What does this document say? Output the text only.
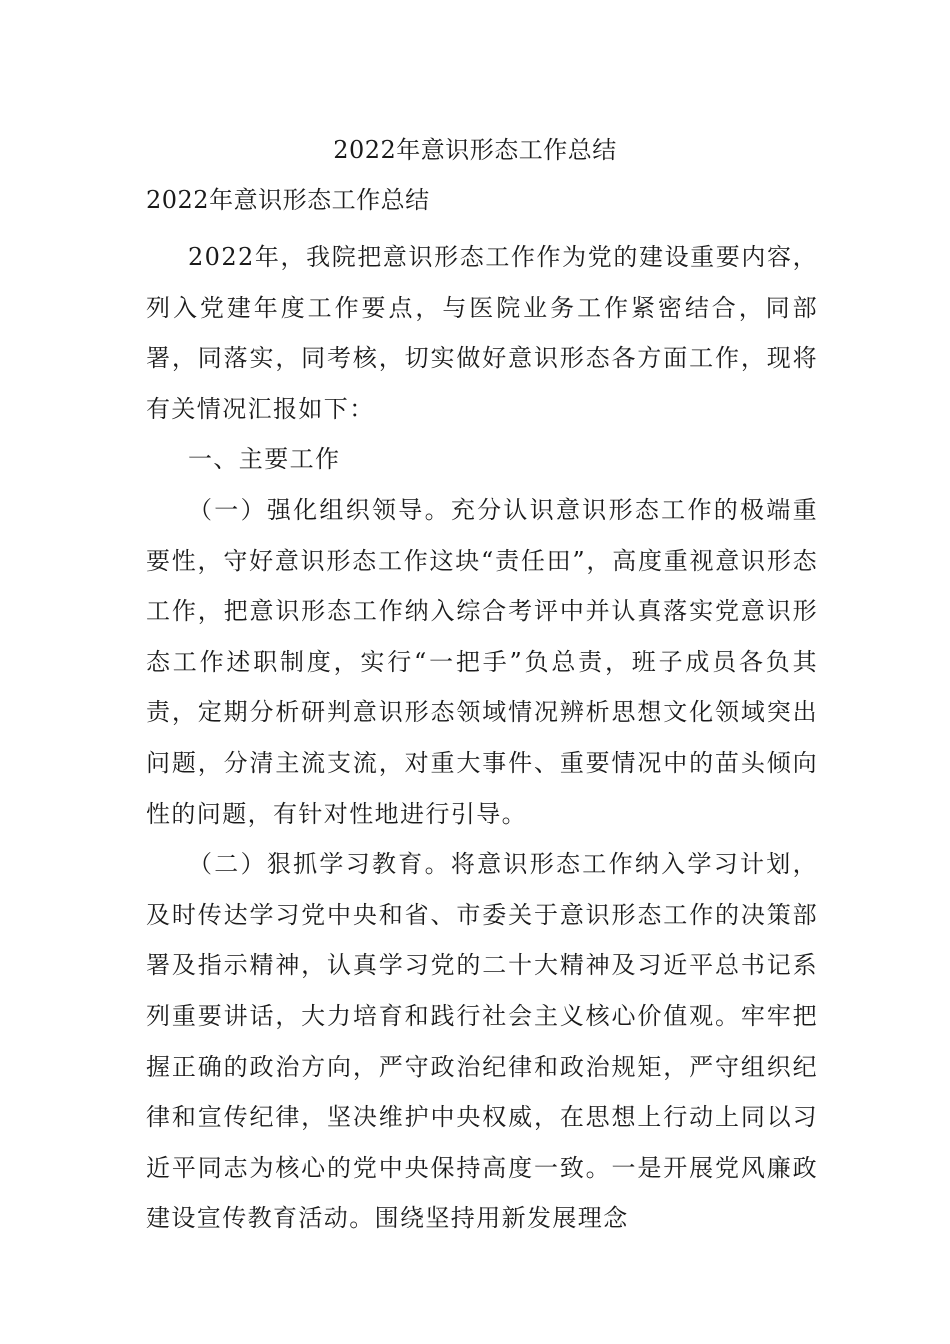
2022年意识形态工作总结
2022年意识形态工作总结

2022年，我院把意识形态工作作为党的建设重要内容，列入党建年度工作要点，与医院业务工作紧密结合，同部署，同落实，同考核，切实做好意识形态各方面工作，现将有关情况汇报如下：

一、主要工作

（一）强化组织领导。充分认识意识形态工作的极端重要性，守好意识形态工作这块“责任田”，高度重视意识形态工作，把意识形态工作纳入综合考评中并认真落实党意识形态工作述职制度，实行“一把手”负总责，班子成员各负其责，定期分析研判意识形态领域情况辨析思想文化领域突出问题，分清主流支流，对重大事件、重要情况中的苗头倾向性的问题，有针对性地进行引导。

（二）狠抓学习教育。将意识形态工作纳入学习计划，及时传达学习党中央和省、市委关于意识形态工作的决策部署及指示精神，认真学习党的二十大精神及习近平总书记系列重要讲话，大力培育和践行社会主义核心价值观。牢牢把握正确的政治方向，严守政治纪律和政治规矩，严守组织纪律和宣传纪律，坚决维护中央权威，在思想上行动上同以习近平同志为核心的党中央保持高度一致。一是开展党风廉政建设宣传教育活动。围绕坚持用新发展理念
